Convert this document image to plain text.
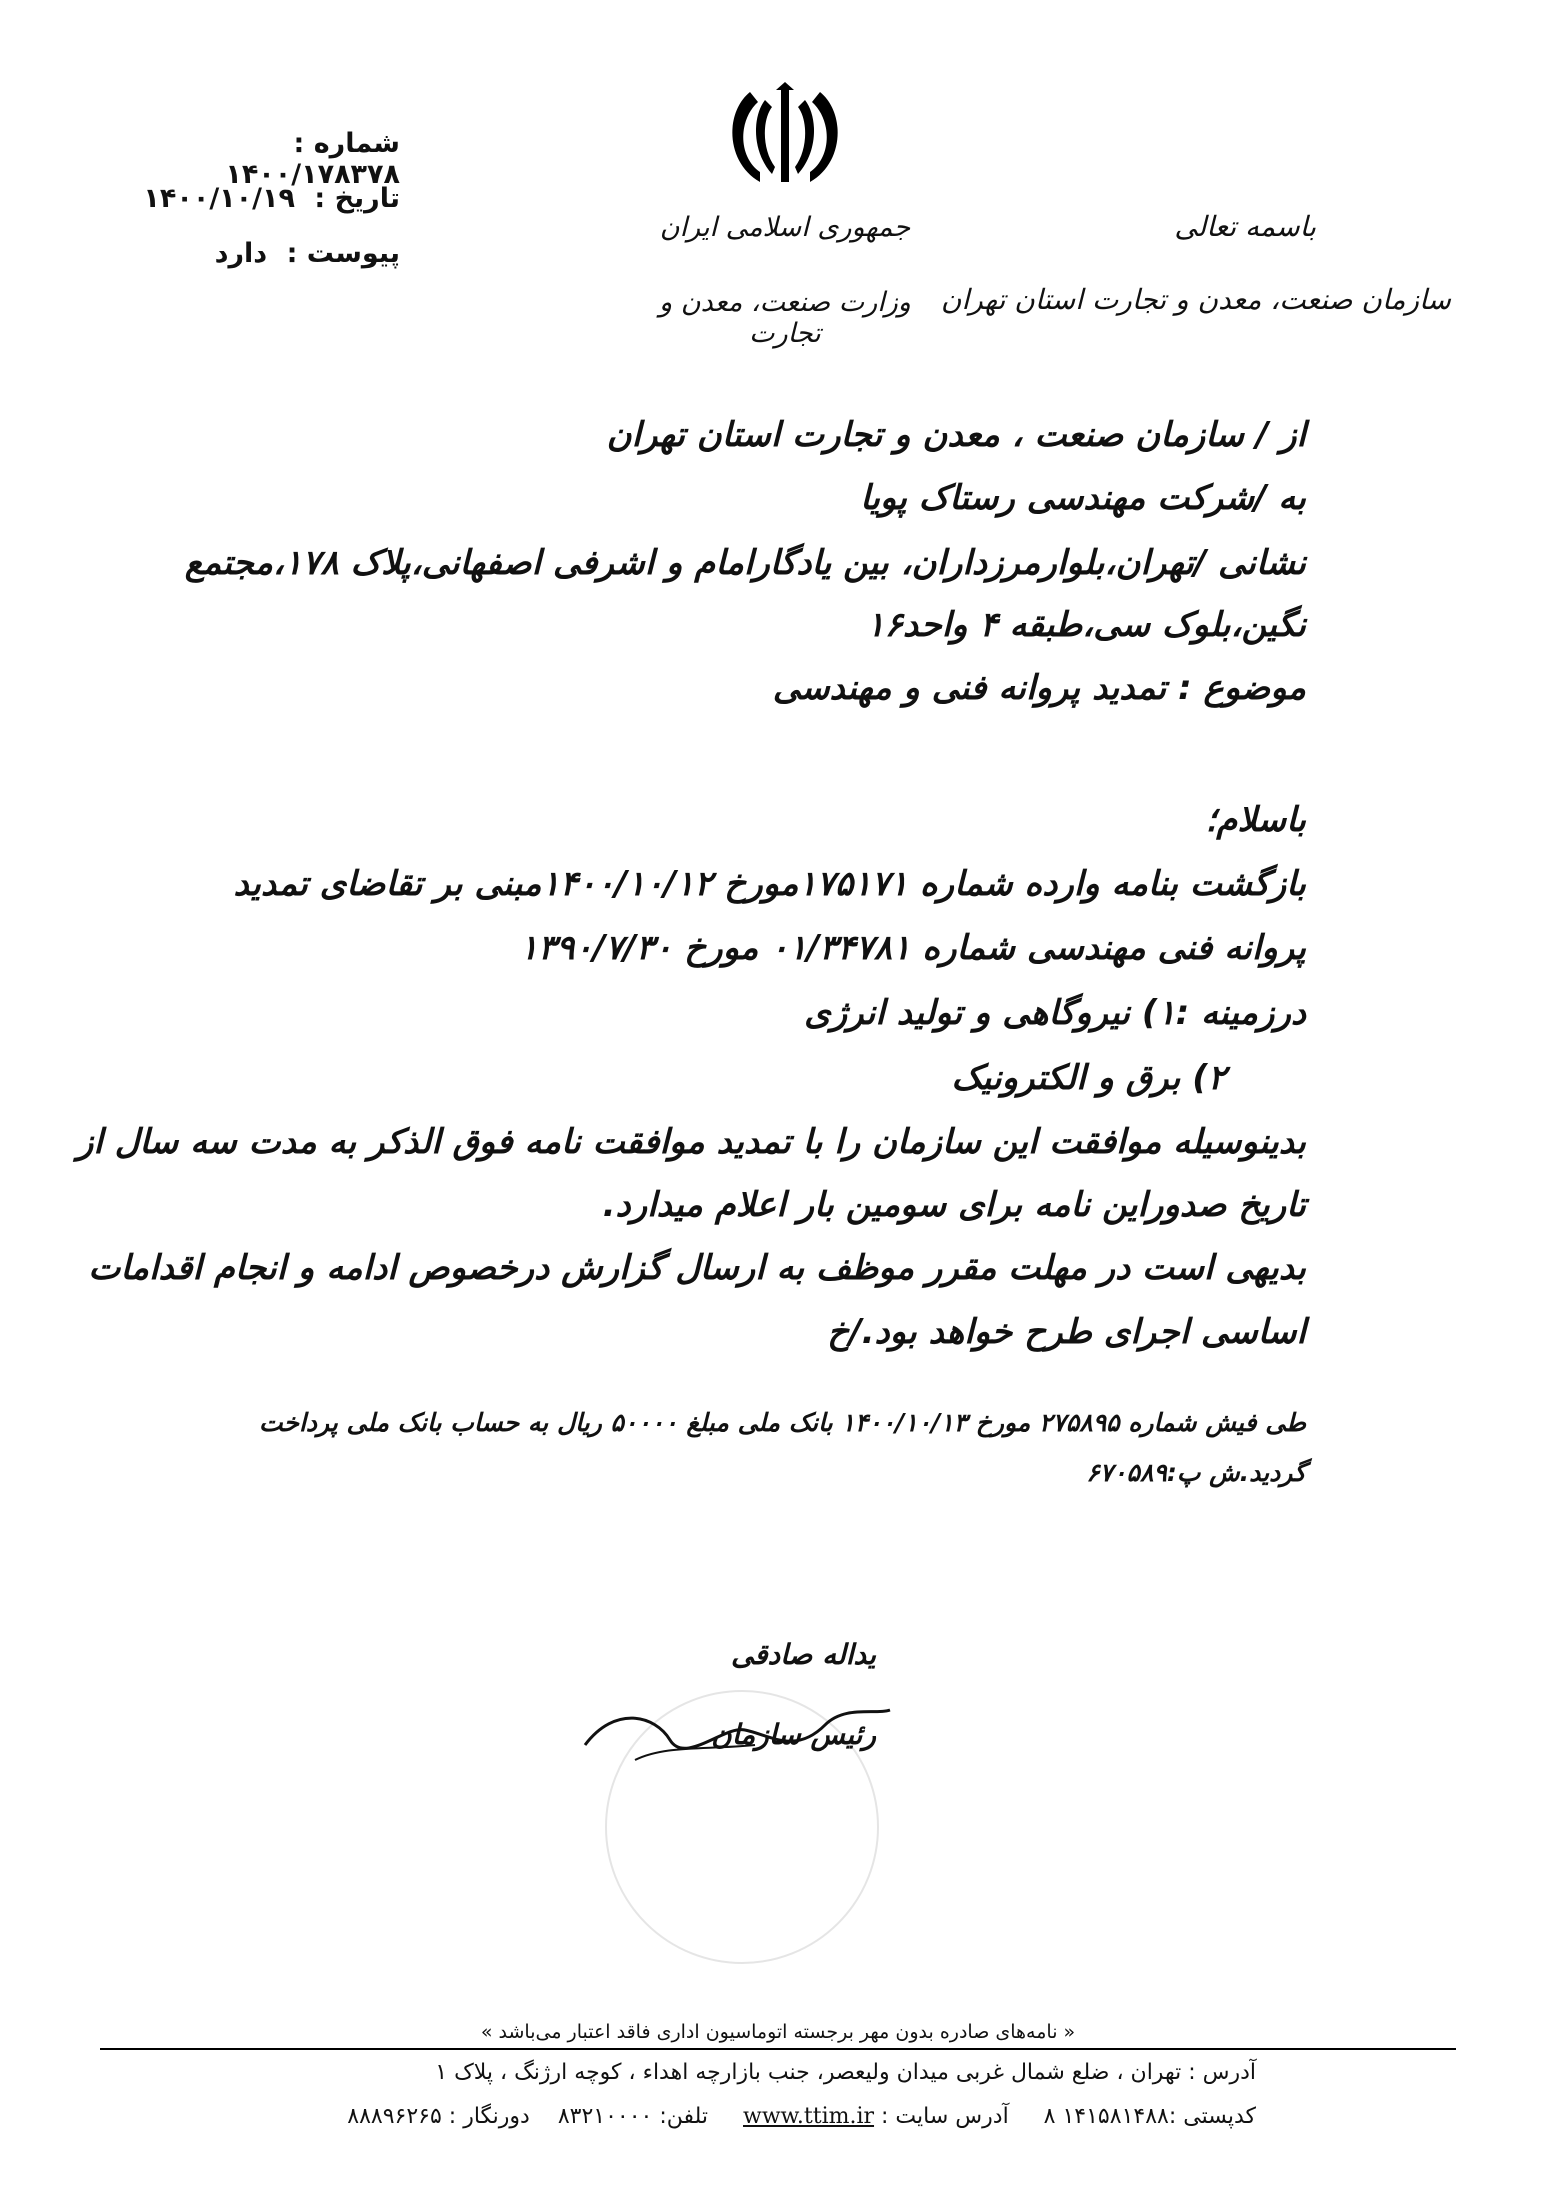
شماره : ۱۴۰۰/۱۷۸۳۷۸
تاریخ : ۱۴۰۰/۱۰/۱۹
پیوست : دارد
جمهوری اسلامی ایران
وزارت صنعت، معدن و تجارت
باسمه تعالی
سازمان صنعت، معدن و تجارت استان تهران
از / سازمان صنعت ، معدن و تجارت استان تهران
به /شرکت مهندسی رستاک پویا
نشانی /تهران،بلوارمرزداران، بین یادگارامام و اشرفی اصفهانی،پلاک ۱۷۸،مجتمع
نگین،بلوک سی،طبقه ۴ واحد۱۶
موضوع : تمدید پروانه فنی و مهندسی
باسلام؛
بازگشت بنامه وارده شماره ۱۷۵۱۷۱مورخ ۱۴۰۰/۱۰/۱۲مبنی بر تقاضای تمدید
پروانه فنی مهندسی شماره ۰۱/۳۴۷۸۱ مورخ ۱۳۹۰/۷/۳۰
درزمینه :۱) نیروگاهی و تولید انرژی
۲) برق و الکترونیک
بدینوسیله موافقت این سازمان را با تمدید موافقت نامه فوق الذکر به مدت سه سال از
تاریخ صدوراین نامه برای سومین بار اعلام میدارد.
بدیهی است در مهلت مقرر موظف به ارسال گزارش درخصوص ادامه و انجام اقدامات
اساسی اجرای طرح خواهد بود./خ
طی فیش شماره ۲۷۵۸۹۵ مورخ ۱۴۰۰/۱۰/۱۳ بانک ملی مبلغ ۵۰۰۰۰ ریال به حساب بانک ملی پرداخت
گردید.ش پ:۶۷۰۵۸۹
یداله صادقی
رئیس سازمان
« نامه‌های صادره بدون مهر برجسته اتوماسیون اداری فاقد اعتبار می‌باشد »
آدرس : تهران ، ضلع شمال غربی میدان ولیعصر، جنب بازارچه اهداء ، کوچه ارژنگ ، پلاک ۱
کدپستی :۱۴۱۵۸۱۴۸۸ ۸     آدرس سایت : www.ttim.ir     تلفن: ۸۳۲۱۰۰۰۰    دورنگار : ۸۸۸۹۶۲۶۵
